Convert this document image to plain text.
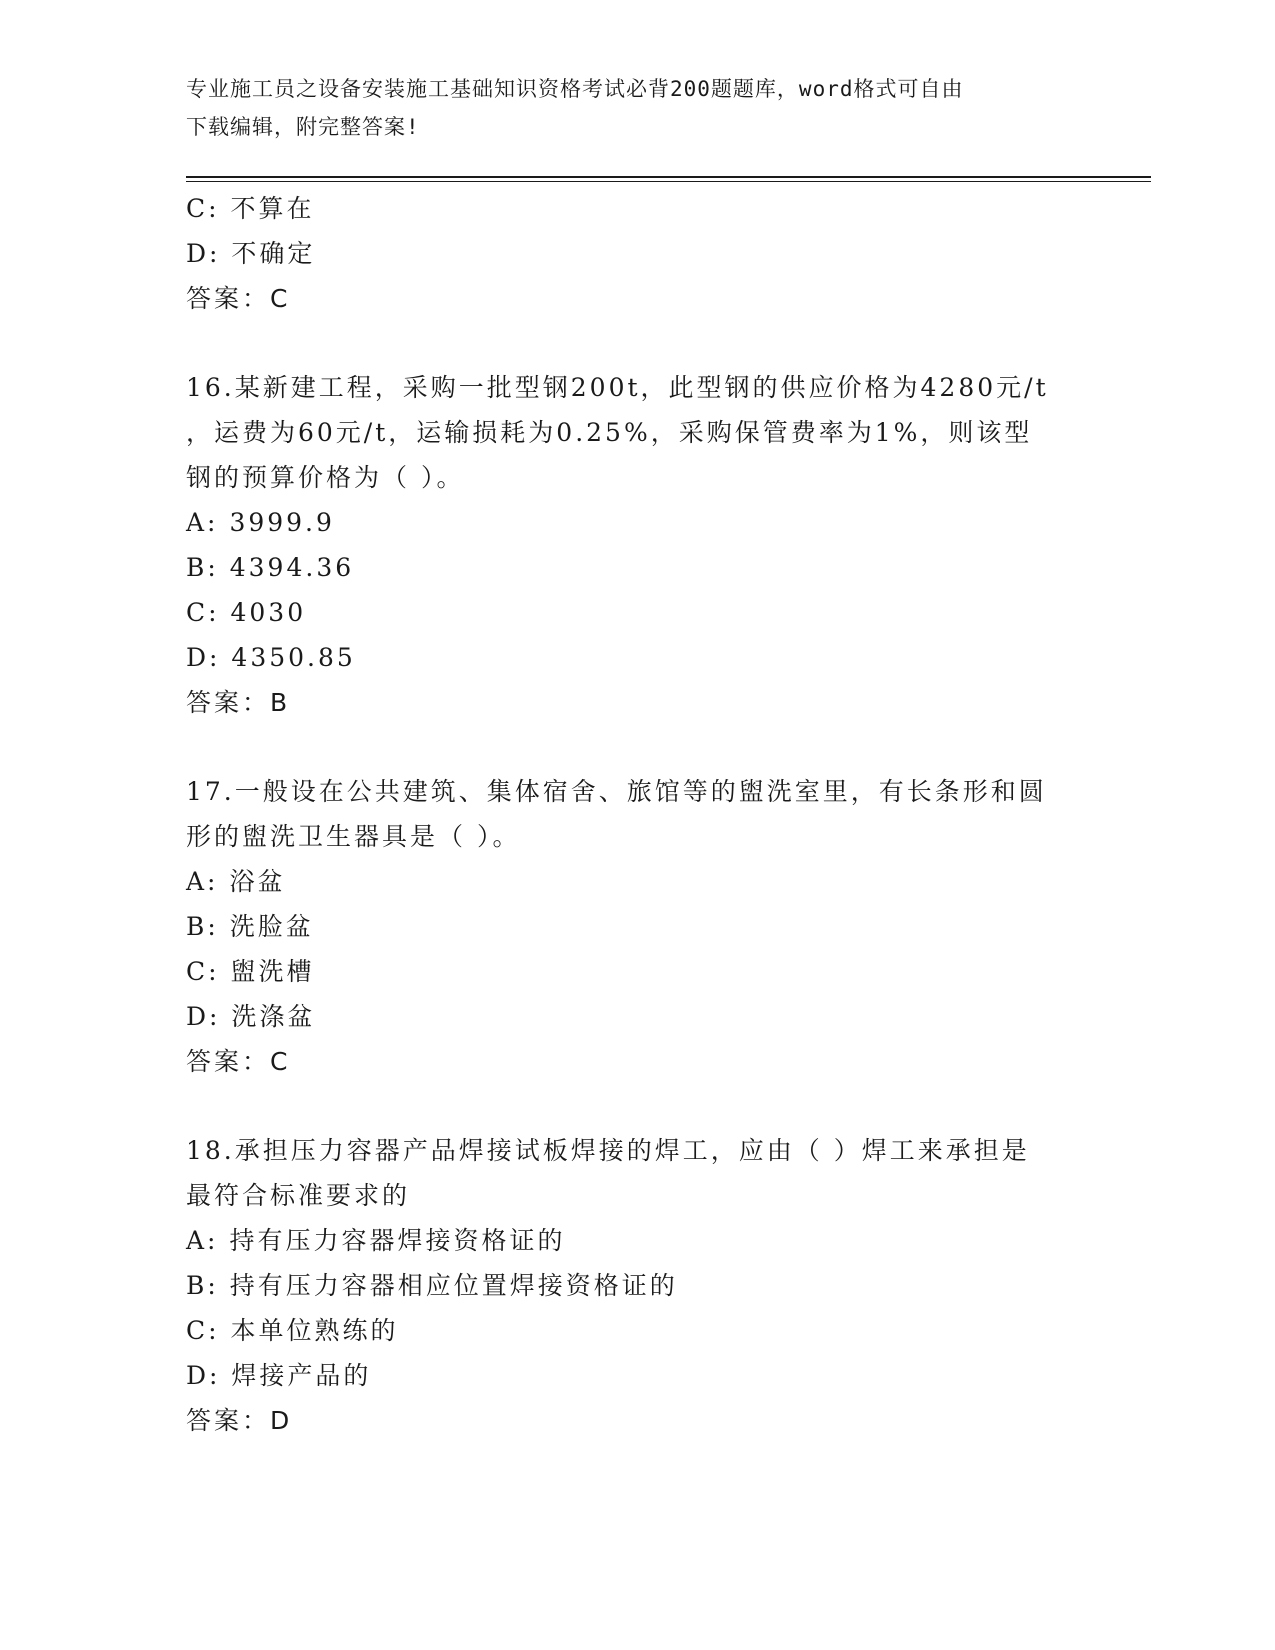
专业施工员之设备安装施工基础知识资格考试必背200题题库，word格式可自由
下载编辑，附完整答案!
C: 不算在
D: 不确定
答案：C
16.某新建工程，采购一批型钢200t，此型钢的供应价格为4280元/t
，运费为60元/t，运输损耗为0.25%，采购保管费率为1%，则该型
钢的预算价格为（ ）。
A: 3999.9
B: 4394.36
C: 4030
D: 4350.85
答案：B
17.一般设在公共建筑、集体宿舍、旅馆等的盥洗室里，有长条形和圆
形的盥洗卫生器具是（ ）。
A: 浴盆
B: 洗脸盆
C: 盥洗槽
D: 洗涤盆
答案：C
18.承担压力容器产品焊接试板焊接的焊工，应由（ ）焊工来承担是
最符合标准要求的
A: 持有压力容器焊接资格证的
B: 持有压力容器相应位置焊接资格证的
C: 本单位熟练的
D: 焊接产品的
答案：D
